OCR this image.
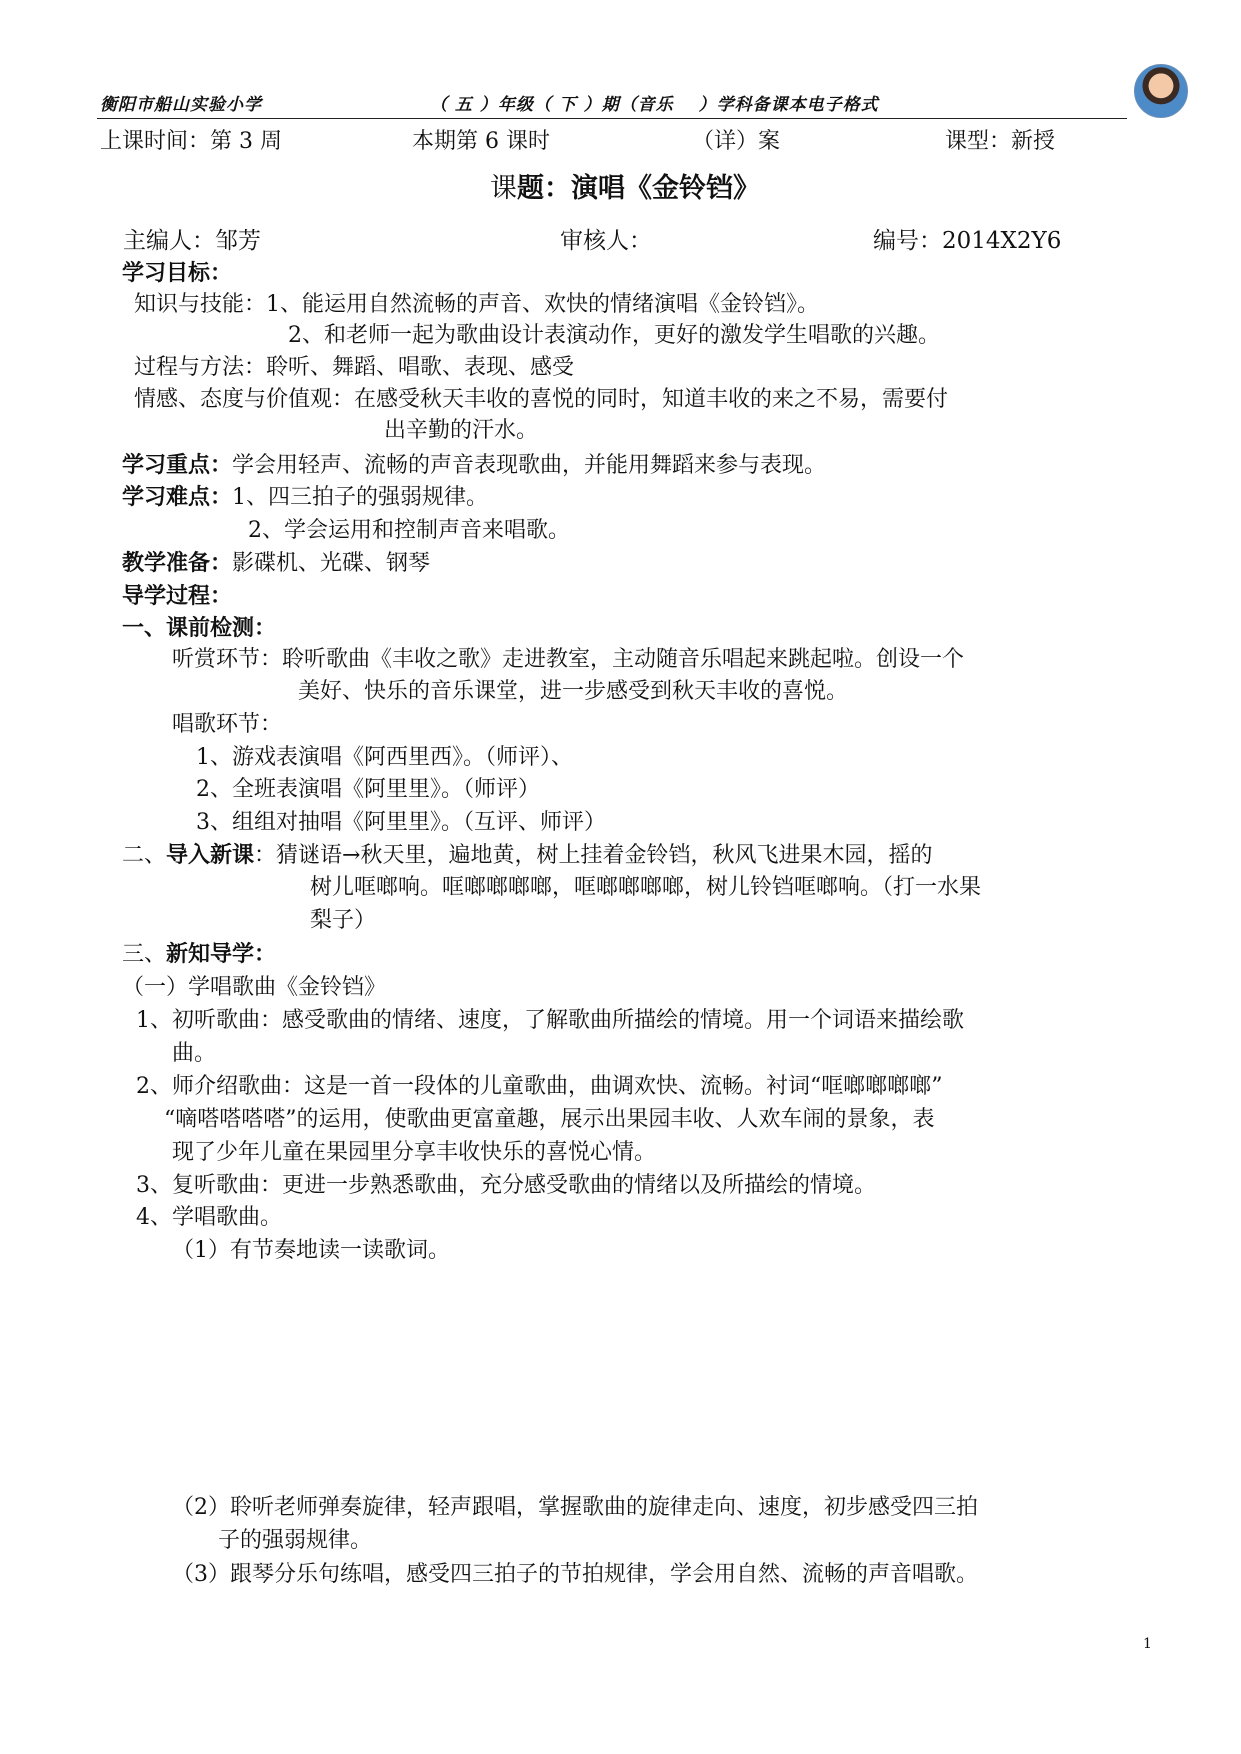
衡阳市船山实验小学	（ 五 ）年级（ 下 ）期（音乐　 ）学科备课本电子格式
上课时间：第 3 周	本期第 6 课时	（详）案	课型：新授
课题：演唱《金铃铛》
主编人：邹芳	审核人：	编号：2014X2Y6
学习目标：
知识与技能：1、能运用自然流畅的声音、欢快的情绪演唱《金铃铛》。
2、和老师一起为歌曲设计表演动作，更好的激发学生唱歌的兴趣。
过程与方法：聆听、舞蹈、唱歌、表现、感受
情感、态度与价值观：在感受秋天丰收的喜悦的同时，知道丰收的来之不易，需要付
出辛勤的汗水。
学习重点：学会用轻声、流畅的声音表现歌曲，并能用舞蹈来参与表现。
学习难点：1、四三拍子的强弱规律。
2、学会运用和控制声音来唱歌。
教学准备：影碟机、光碟、钢琴
导学过程：
一、课前检测：
听赏环节：聆听歌曲《丰收之歌》走进教室，主动随音乐唱起来跳起啦。创设一个
美好、快乐的音乐课堂，进一步感受到秋天丰收的喜悦。
唱歌环节：
1、游戏表演唱《阿西里西》。（师评）、
2、全班表演唱《阿里里》。（师评）
3、组组对抽唱《阿里里》。（互评、师评）
二、导入新课：猜谜语→秋天里，遍地黄，树上挂着金铃铛，秋风飞进果木园，摇的
树儿哐啷响。哐啷啷啷啷，哐啷啷啷啷，树儿铃铛哐啷响。（打一水果
梨子）
三、新知导学：
（一）学唱歌曲《金铃铛》
1、初听歌曲：感受歌曲的情绪、速度，了解歌曲所描绘的情境。用一个词语来描绘歌
曲。
2、师介绍歌曲：这是一首一段体的儿童歌曲，曲调欢快、流畅。衬词“哐啷啷啷啷”
“嘀嗒嗒嗒嗒”的运用，使歌曲更富童趣，展示出果园丰收、人欢车闹的景象，表
现了少年儿童在果园里分享丰收快乐的喜悦心情。
3、复听歌曲：更进一步熟悉歌曲，充分感受歌曲的情绪以及所描绘的情境。
4、学唱歌曲。
（1）有节奏地读一读歌词。
（2）聆听老师弹奏旋律，轻声跟唱，掌握歌曲的旋律走向、速度，初步感受四三拍
子的强弱规律。
（3）跟琴分乐句练唱，感受四三拍子的节拍规律，学会用自然、流畅的声音唱歌。
1
